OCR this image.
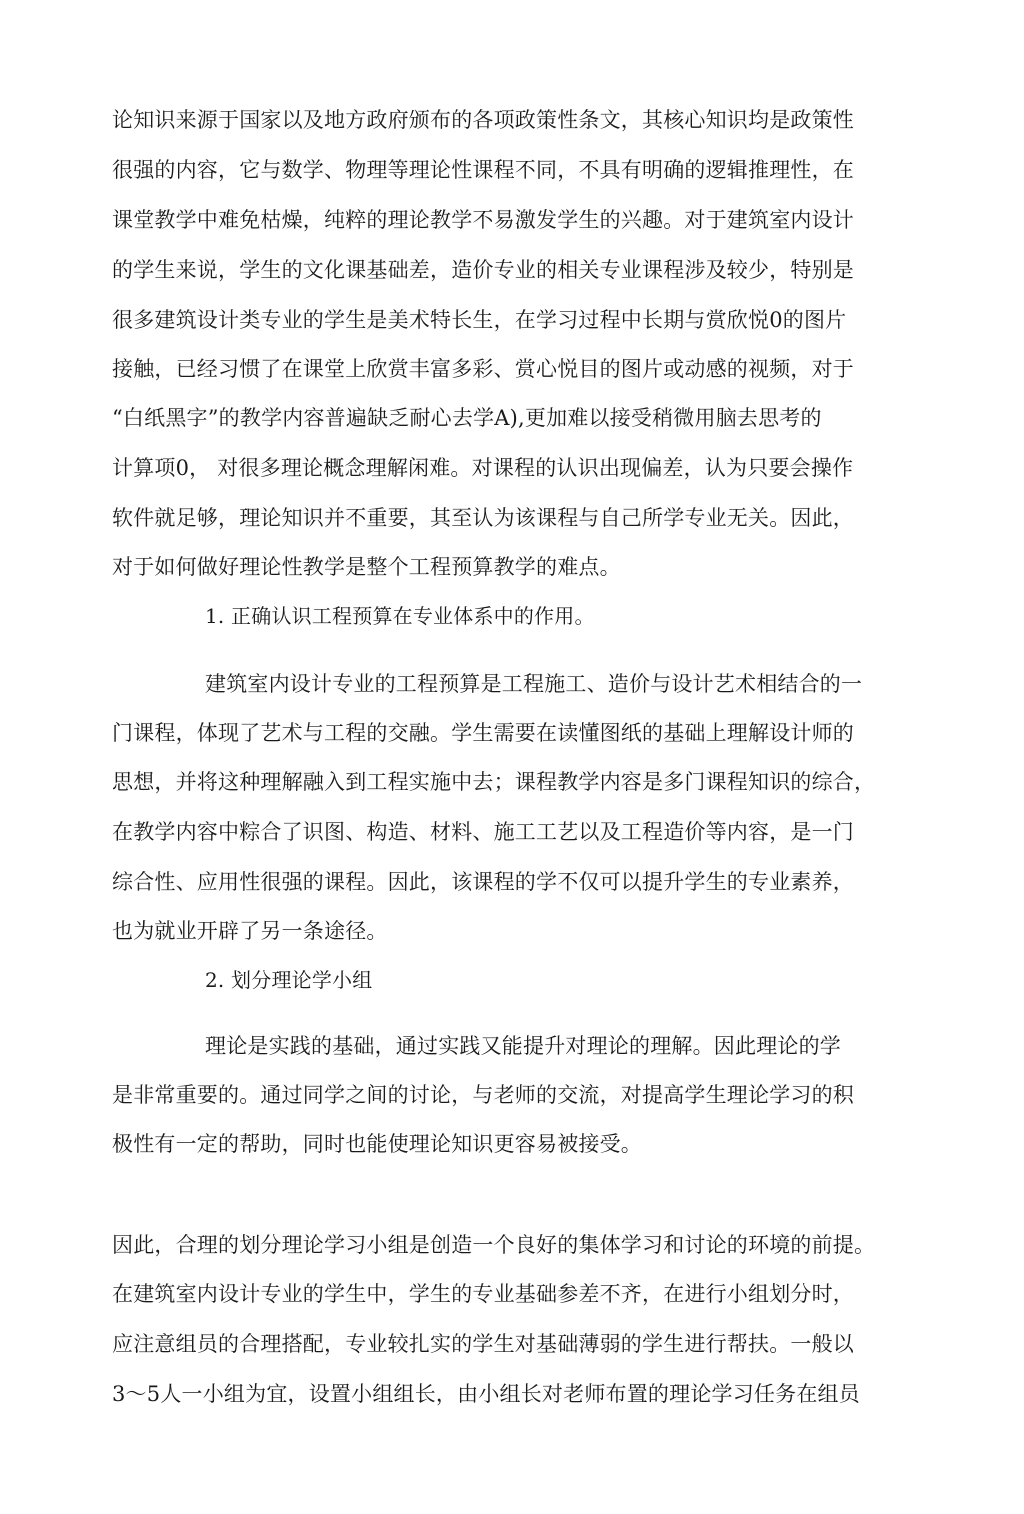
论知识来源于国家以及地方政府颁布的各项政策性条文，其核心知识均是政策性
很强的内容，它与数学、物理等理论性课程不同，不具有明确的逻辑推理性，在
课堂教学中难免枯燥，纯粹的理论教学不易激发学生的兴趣。对于建筑室内设计
的学生来说，学生的文化课基础差，造价专业的相关专业课程涉及较少，特别是
很多建筑设计类专业的学生是美术特长生，在学习过程中长期与赏欣悦0的图片
接触，已经习惯了在课堂上欣赏丰富多彩、赏心悦目的图片或动感的视频，对于
“白纸黑字”的教学内容普遍缺乏耐心去学A),更加难以接受稍微用脑去思考的
计算项0， 对很多理论概念理解闲难。对课程的认识出现偏差，认为只要会操作
软件就足够，理论知识并不重要，其至认为该课程与自己所学专业无关。因此，
对于如何做好理论性教学是整个工程预算教学的难点。
1. 正确认识工程预算在专业体系中的作用。
建筑室内设计专业的工程预算是工程施工、造价与设计艺术相结合的一
门课程，体现了艺术与工程的交融。学生需要在读懂图纸的基础上理解设计师的
思想，并将这种理解融入到工程实施中去；课程教学内容是多门课程知识的综合，
在教学内容中粽合了识图、构造、材料、施工工艺以及工程造价等内容，是一门
综合性、应用性很强的课程。因此，该课程的学不仅可以提升学生的专业素养，
也为就业开辟了另一条途径。
2. 划分理论学小组
理论是实践的基础，通过实践又能提升对理论的理解。因此理论的学
是非常重要的。通过同学之间的讨论，与老师的交流，对提高学生理论学习的积
极性有一定的帮助，同时也能使理论知识更容易被接受。
因此，合理的划分理论学习小组是创造一个良好的集体学习和讨论的环境的前提。
在建筑室内设计专业的学生中，学生的专业基础参差不齐，在进行小组划分时，
应注意组员的合理搭配，专业较扎实的学生对基础薄弱的学生进行帮扶。一般以
3～5人一小组为宜，设置小组组长，由小组长对老师布置的理论学习任务在组员
